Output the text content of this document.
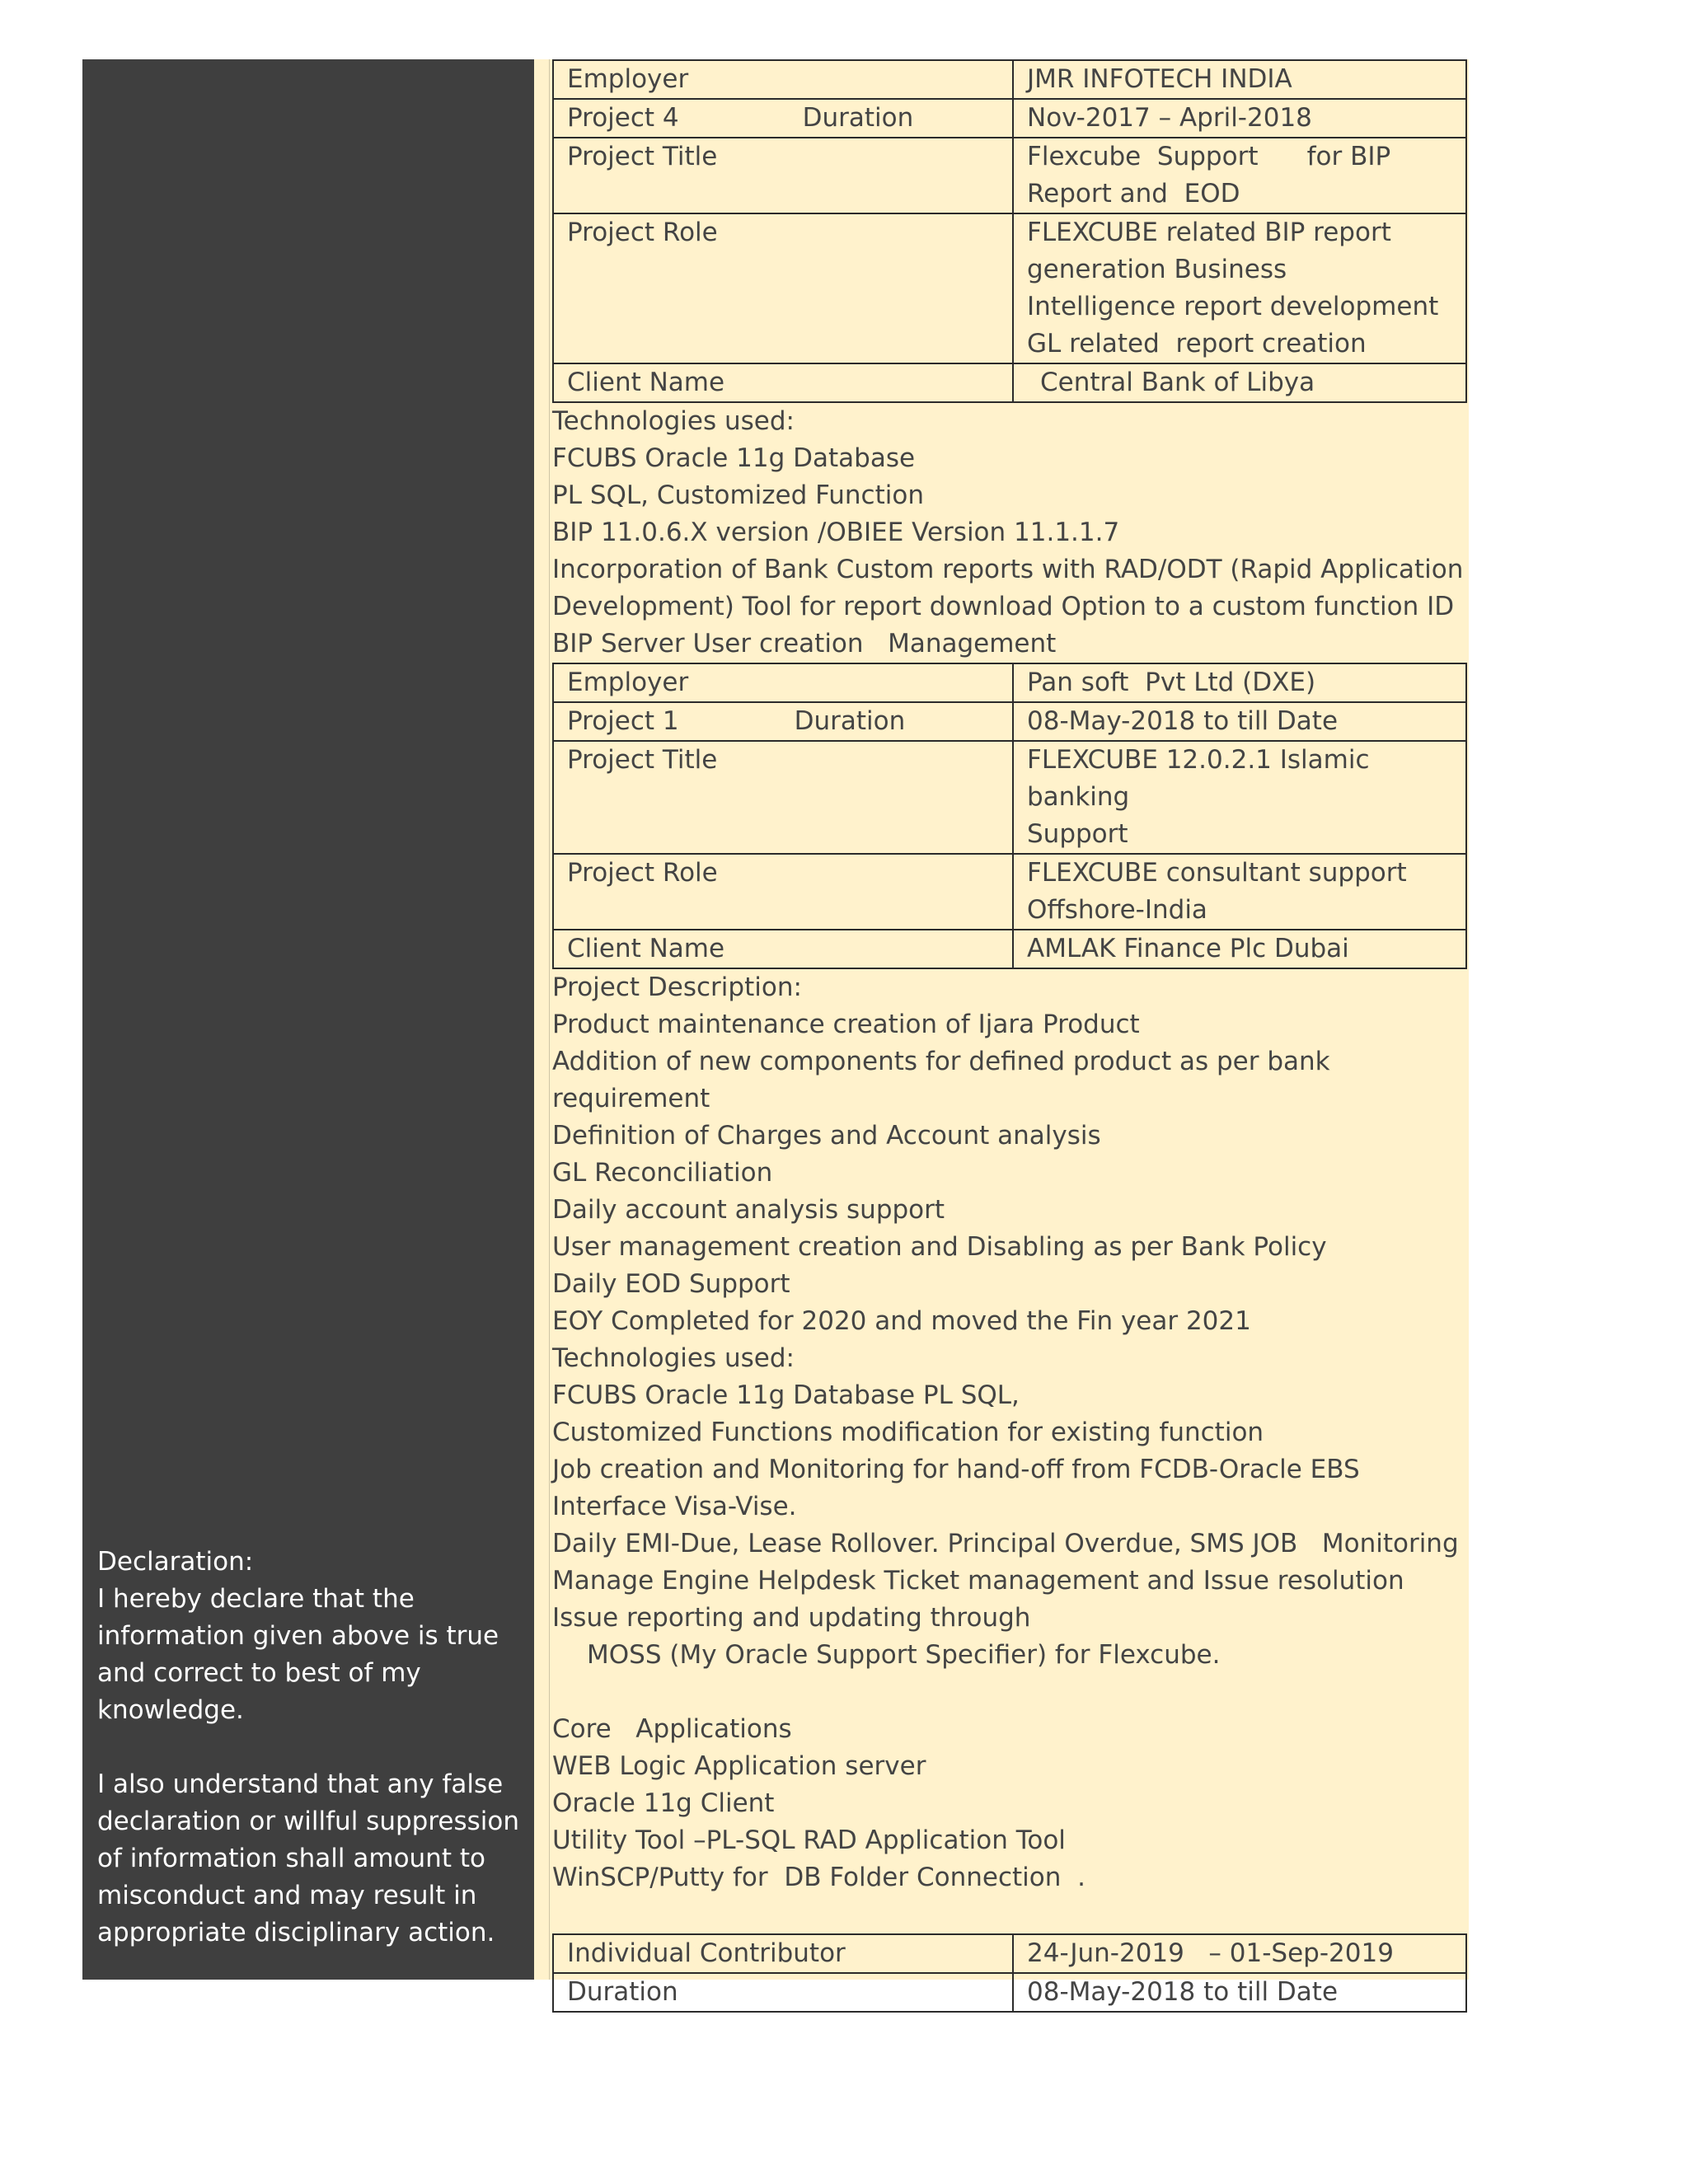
Declaration:
I hereby declare that the
information given above is true
and correct to best of my
knowledge.
I also understand that any false
declaration or willful suppression
of information shall amount to
misconduct and may result in
appropriate disciplinary action.
Employer	JMR INFOTECH INDIA
Project 4 Duration	Nov-2017 – April-2018
Project Title	Flexcube  Support      for BIP
Report and  EOD

Project Role	FLEXCUBE related BIP report
generation Business
Intelligence report development
GL related  report creation

Client Name	Central Bank of Libya
Technologies used:
FCUBS Oracle 11g Database
PL SQL, Customized Function
BIP 11.0.6.X version /OBIEE Version 11.1.1.7
Incorporation of Bank Custom reports with RAD/ODT (Rapid Application
Development) Tool for report download Option to a custom function ID
BIP Server User creation   Management
Employer	Pan soft  Pvt Ltd (DXE)
Project 1 Duration	08-May-2018 to till Date
Project Title	FLEXCUBE 12.0.2.1 Islamic banking
Support

Project Role	FLEXCUBE consultant support
Offshore-India

Client Name	AMLAK Finance Plc Dubai
Project Description:
Product maintenance creation of Ijara Product
Addition of new components for defined product as per bank
requirement
Definition of Charges and Account analysis
GL Reconciliation
Daily account analysis support
User management creation and Disabling as per Bank Policy
Daily EOD Support
EOY Completed for 2020 and moved the Fin year 2021
Technologies used:
FCUBS Oracle 11g Database PL SQL,
Customized Functions modification for existing function
Job creation and Monitoring for hand-off from FCDB-Oracle EBS
Interface Visa-Vise.
Daily EMI-Due, Lease Rollover. Principal Overdue, SMS JOB   Monitoring
Manage Engine Helpdesk Ticket management and Issue resolution
Issue reporting and updating through
MOSS (My Oracle Support Specifier) for Flexcube.
Core   Applications
WEB Logic Application server
Oracle 11g Client
Utility Tool –PL-SQL RAD Application Tool
WinSCP/Putty for  DB Folder Connection  .
Individual Contributor	24-Jun-2019   – 01-Sep-2019
Duration	08-May-2018 to till Date
